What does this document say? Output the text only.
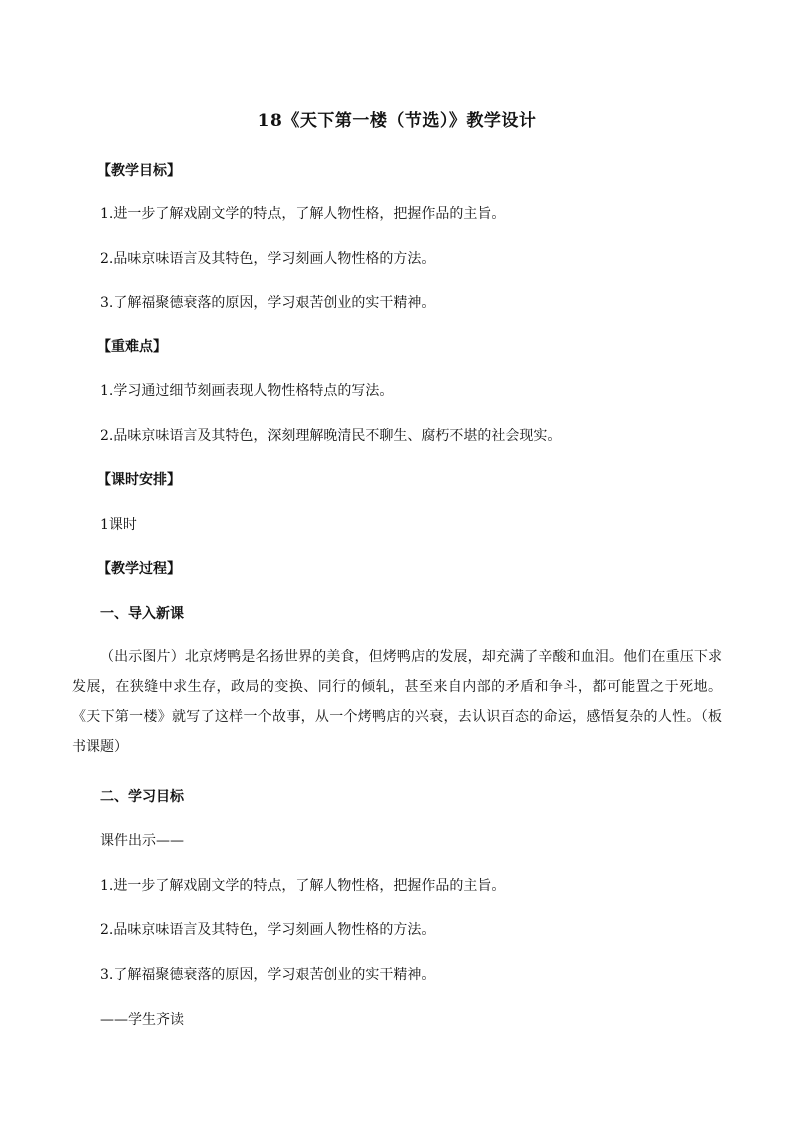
18《天下第一楼（节选）》教学设计
【教学目标】
1.进一步了解戏剧文学的特点，了解人物性格，把握作品的主旨。
2.品味京味语言及其特色，学习刻画人物性格的方法。
3.了解福聚德衰落的原因，学习艰苦创业的实干精神。
【重难点】
1.学习通过细节刻画表现人物性格特点的写法。
2.品味京味语言及其特色，深刻理解晚清民不聊生、腐朽不堪的社会现实。
【课时安排】
1课时
【教学过程】
一、导入新课
（出示图片）北京烤鸭是名扬世界的美食，但烤鸭店的发展，却充满了辛酸和血泪。他们在重压下求发展，在狭缝中求生存，政局的变换、同行的倾轧，甚至来自内部的矛盾和争斗，都可能置之于死地。《天下第一楼》就写了这样一个故事，从一个烤鸭店的兴衰，去认识百态的命运，感悟复杂的人性。（板书课题）
二、学习目标
课件出示——
1.进一步了解戏剧文学的特点，了解人物性格，把握作品的主旨。
2.品味京味语言及其特色，学习刻画人物性格的方法。
3.了解福聚德衰落的原因，学习艰苦创业的实干精神。
——学生齐读
